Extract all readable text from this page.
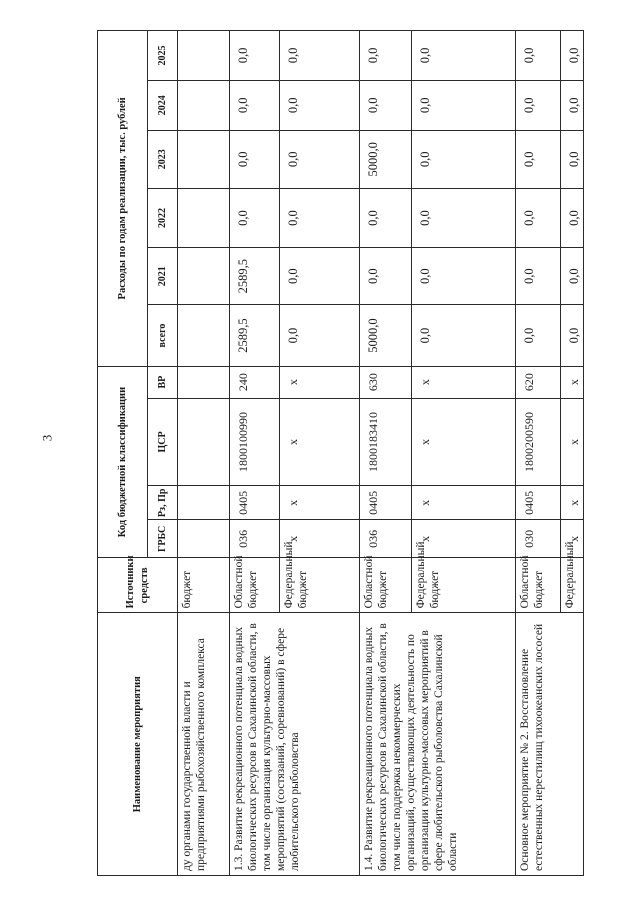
3
Наименование мероприятия	Источники средств	Код бюджетной классификации				Расходы по годам реализации, тыс. рублей					
		ГРБС	Рз, Пр	ЦСР	ВР	всего	2021	2022	2023	2024	2025
ду органами государственной власти и предприятиями рыбохозяйственного комплекса	бюджет										
1.3. Развитие рекреационного потенциала водных биологических ресурсов в Сахалинской области, в том числе организация культурно-массовых мероприятий (состязаний, соревнований) в сфере любительского рыболовства	Областной бюджет	036	0405	1800100990	240	2589,5	2589,5	0,0	0,0	0,0	0,0
	Федеральный бюджет	х	х	х	х	0,0	0,0	0,0	0,0	0,0	0,0
1.4. Развитие рекреационного потенциала водных биологических ресурсов в Сахалинской области, в том числе поддержка некоммерческих организаций, осуществляющих деятельность по организации культурно-массовых мероприятий в сфере любительского рыболовства Сахалинской области	Областной бюджет	036	0405	1800183410	630	5000,0	0,0	0,0	5000,0	0,0	0,0
	Федеральный бюджет	х	х	х	х	0,0	0,0	0,0	0,0	0,0	0,0
Основное мероприятие № 2. Восстановление естественных нерестилищ тихоокеанских лососей	Областной бюджет	030	0405	1800200590	620	0,0	0,0	0,0	0,0	0,0	0,0
	Федеральный	х	х	х	х	0,0	0,0	0,0	0,0	0,0	0,0
